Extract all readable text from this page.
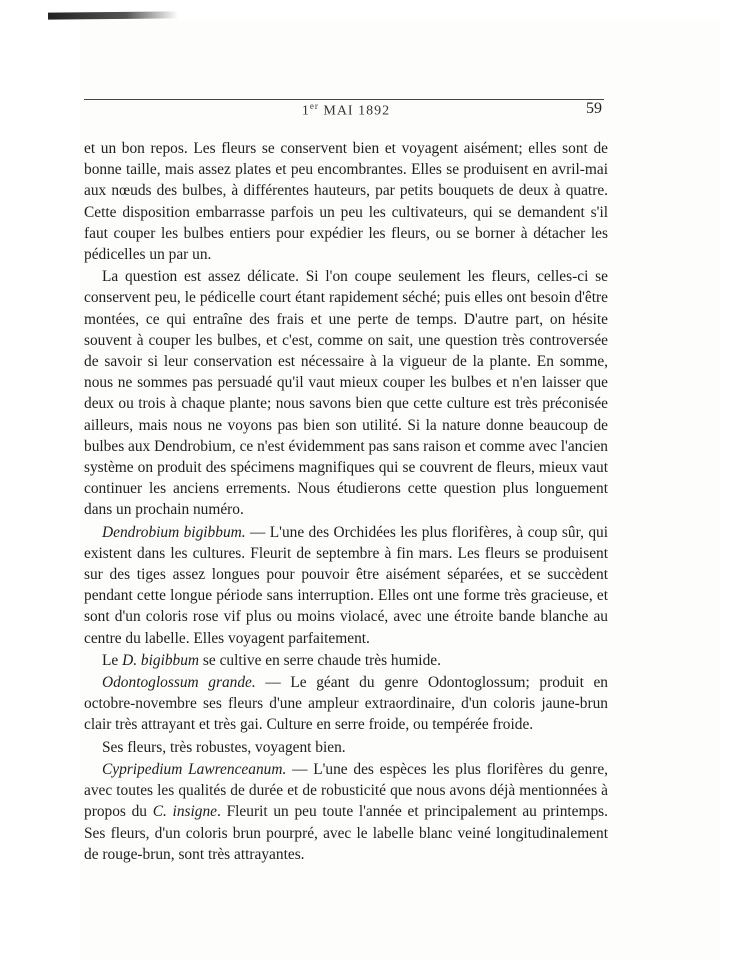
1er MAI 1892	59

et un bon repos. Les fleurs se conservent bien et voyagent aisément; elles sont de bonne taille, mais assez plates et peu encombrantes. Elles se produisent en avril-mai aux nœuds des bulbes, à différentes hauteurs, par petits bouquets de deux à quatre. Cette disposition embarrasse parfois un peu les cultivateurs, qui se demandent s'il faut couper les bulbes entiers pour expédier les fleurs, ou se borner à détacher les pédicelles un par un.

La question est assez délicate. Si l'on coupe seulement les fleurs, celles-ci se conservent peu, le pédicelle court étant rapidement séché; puis elles ont besoin d'être montées, ce qui entraîne des frais et une perte de temps. D'autre part, on hésite souvent à couper les bulbes, et c'est, comme on sait, une question très controversée de savoir si leur conservation est nécessaire à la vigueur de la plante. En somme, nous ne sommes pas persuadé qu'il vaut mieux couper les bulbes et n'en laisser que deux ou trois à chaque plante; nous savons bien que cette culture est très préconisée ailleurs, mais nous ne voyons pas bien son utilité. Si la nature donne beaucoup de bulbes aux Dendrobium, ce n'est évidemment pas sans raison et comme avec l'ancien système on produit des spécimens magnifiques qui se couvrent de fleurs, mieux vaut continuer les anciens errements. Nous étudierons cette question plus longuement dans un prochain numéro.

Dendrobium bigibbum. — L'une des Orchidées les plus florifères, à coup sûr, qui existent dans les cultures. Fleurit de septembre à fin mars. Les fleurs se produisent sur des tiges assez longues pour pouvoir être aisément séparées, et se succèdent pendant cette longue période sans interruption. Elles ont une forme très gracieuse, et sont d'un coloris rose vif plus ou moins violacé, avec une étroite bande blanche au centre du labelle. Elles voyagent parfaitement.

Le D. bigibbum se cultive en serre chaude très humide.

Odontoglossum grande. — Le géant du genre Odontoglossum; produit en octobre-novembre ses fleurs d'une ampleur extraordinaire, d'un coloris jaune-brun clair très attrayant et très gai. Culture en serre froide, ou tempérée froide.

Ses fleurs, très robustes, voyagent bien.

Cypripedium Lawrenceanum. — L'une des espèces les plus florifères du genre, avec toutes les qualités de durée et de robusticité que nous avons déjà mentionnées à propos du C. insigne. Fleurit un peu toute l'année et principalement au printemps. Ses fleurs, d'un coloris brun pourpré, avec le labelle blanc veiné longitudinalement de rouge-brun, sont très attrayantes.
